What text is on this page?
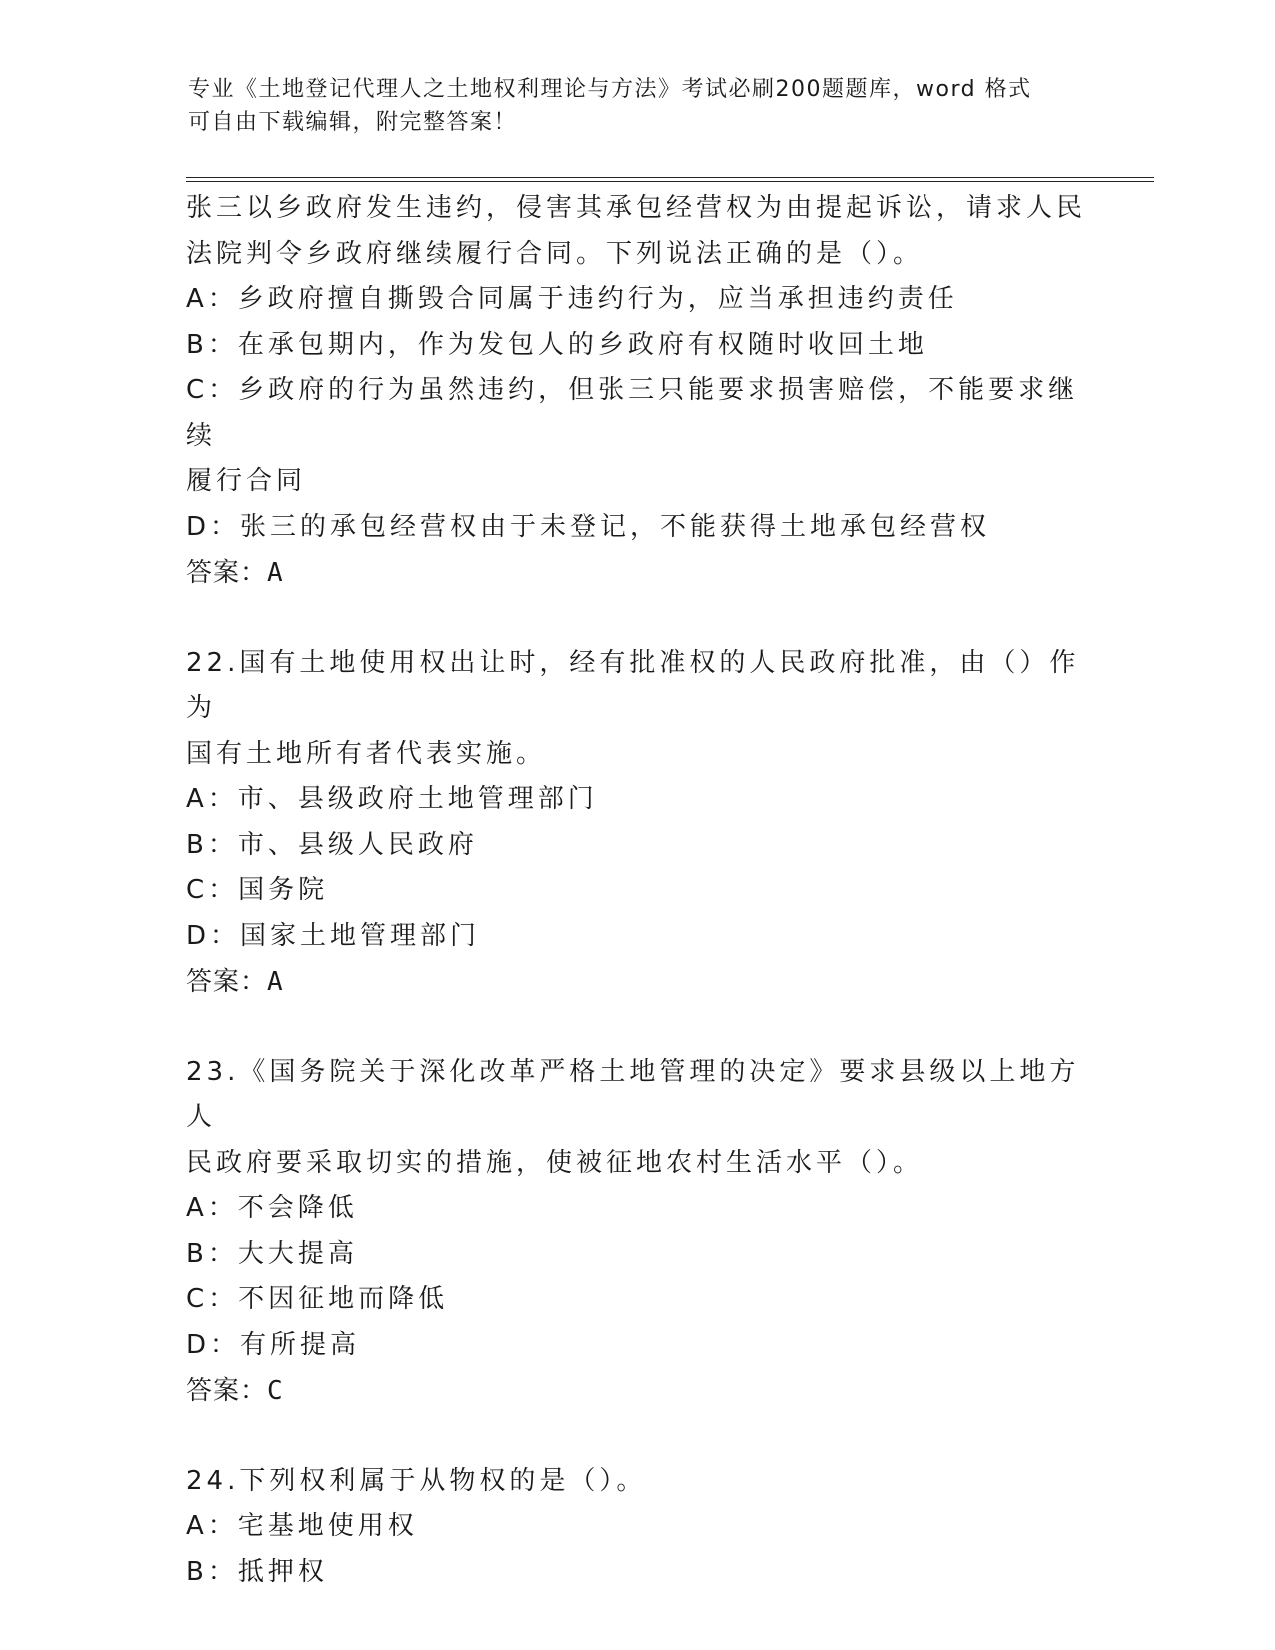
专业《土地登记代理人之土地权利理论与方法》考试必刷200题题库，word 格式
可自由下载编辑，附完整答案！

张三以乡政府发生违约，侵害其承包经营权为由提起诉讼，请求人民

法院判令乡政府继续履行合同。下列说法正确的是（）。

A：乡政府擅自撕毁合同属于违约行为，应当承担违约责任

B：在承包期内，作为发包人的乡政府有权随时收回土地

C：乡政府的行为虽然违约，但张三只能要求损害赔偿，不能要求继续

履行合同

D：张三的承包经营权由于未登记，不能获得土地承包经营权

答案：A

22.国有土地使用权出让时，经有批准权的人民政府批准，由（）作为

国有土地所有者代表实施。

A：市、县级政府土地管理部门

B：市、县级人民政府

C：国务院

D：国家土地管理部门

答案：A

23.《国务院关于深化改革严格土地管理的决定》要求县级以上地方人

民政府要采取切实的措施，使被征地农村生活水平（）。

A：不会降低

B：大大提高

C：不因征地而降低

D：有所提高

答案：C

24.下列权利属于从物权的是（）。

A：宅基地使用权

B：抵押权
